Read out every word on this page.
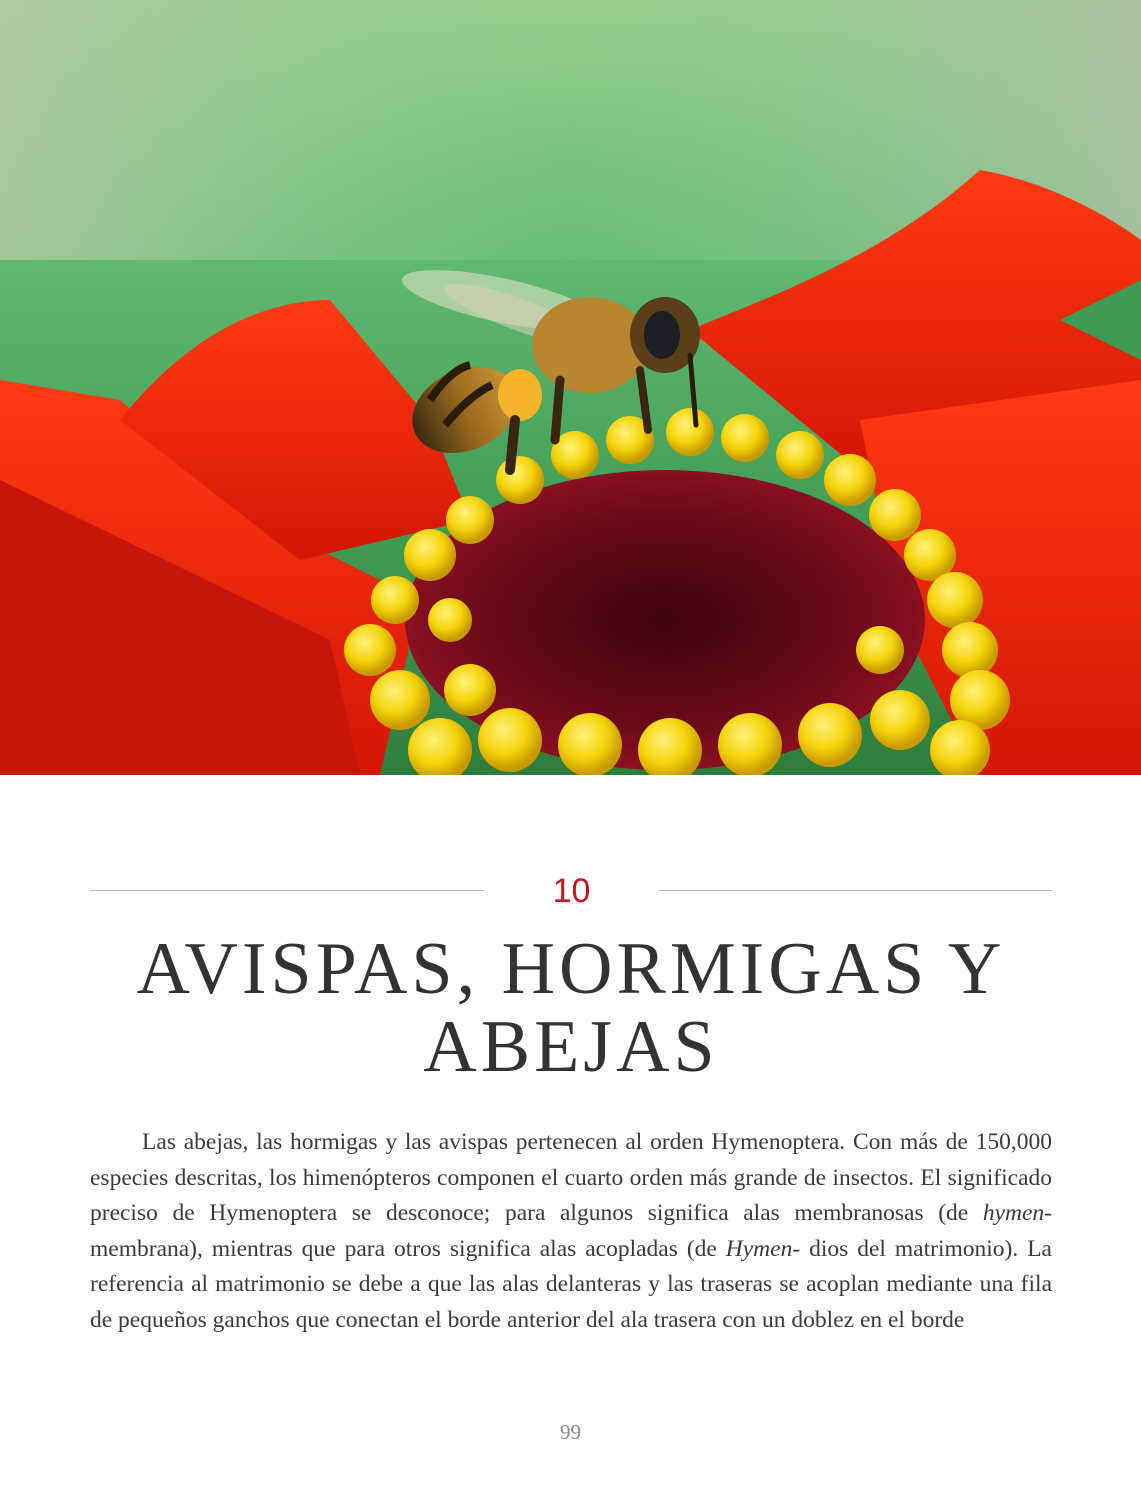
10
AVISPAS, HORMIGAS Y
ABEJAS

Las abejas, las hormigas y las avispas pertenecen al orden Hymenoptera. Con más de 150,000 especies descritas, los himenópteros componen el cuarto orden más grande de insectos. El significado preciso de Hymenoptera se desconoce; para algunos significa alas membranosas (de hymen- membrana), mientras que para otros significa alas acopladas (de Hymen- dios del matrimonio). La referencia al matrimonio se debe a que las alas delanteras y las traseras se acoplan mediante una fila de pequeños ganchos que conectan el borde anterior del ala trasera con un doblez en el borde

99
